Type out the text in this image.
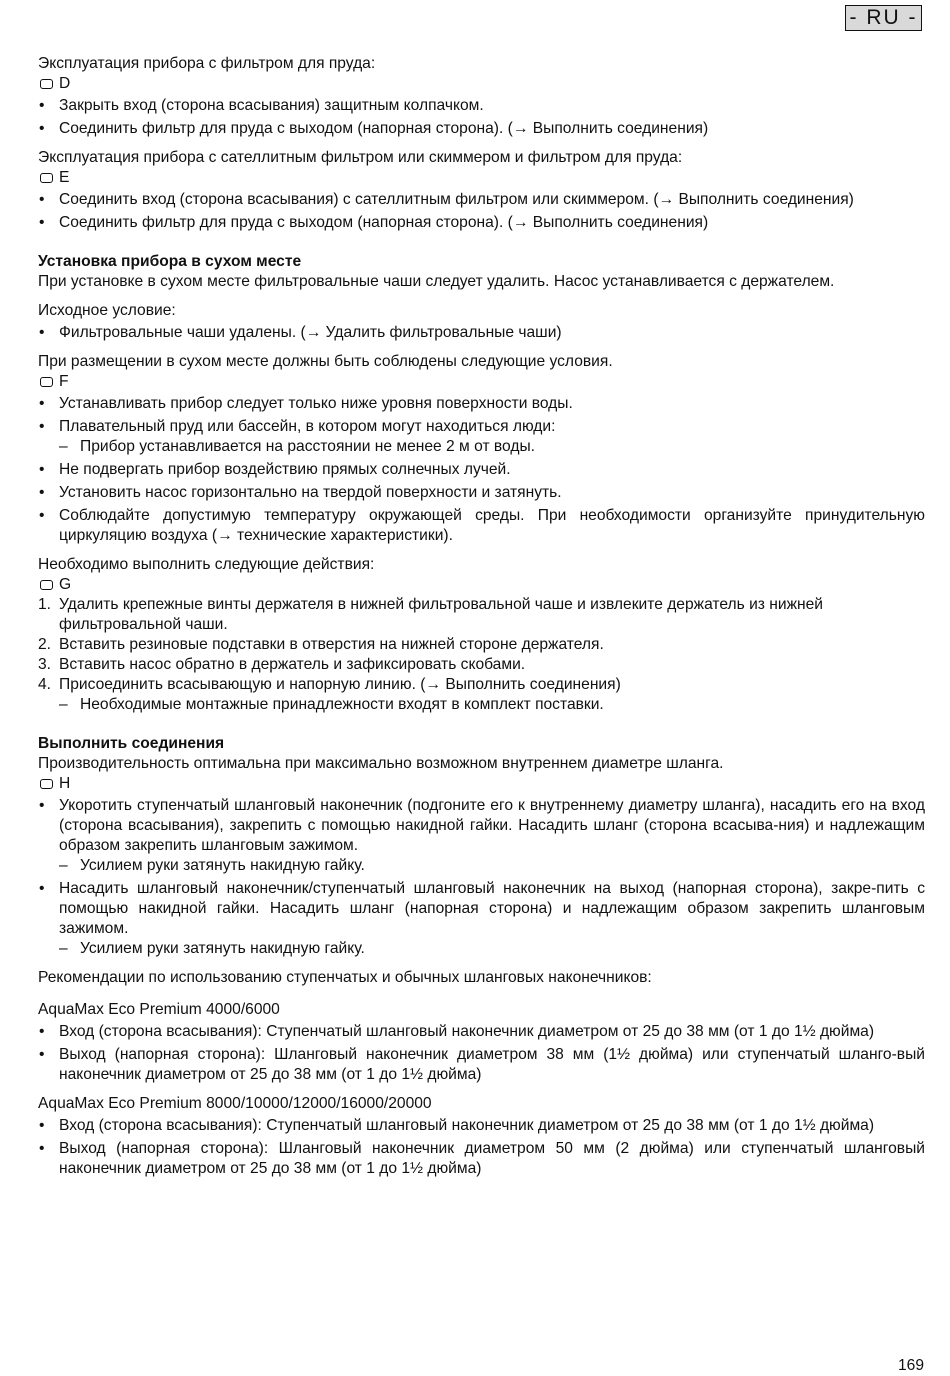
- RU -

Эксплуатация прибора с фильтром для пруда:

D
• Закрыть вход (сторона всасывания) защитным колпачком.
• Соединить фильтр для пруда с выходом (напорная сторона). (→ Выполнить соединения)

Эксплуатация прибора с сателлитным фильтром или скиммером и фильтром для пруда:

E
• Соединить вход (сторона всасывания) с сателлитным фильтром или скиммером. (→ Выполнить соединения)
• Соединить фильтр для пруда с выходом (напорная сторона). (→ Выполнить соединения)

Установка прибора в сухом месте

При установке в сухом месте фильтровальные чаши следует удалить. Насос устанавливается с держателем.

Исходное условие:

• Фильтровальные чаши удалены. (→ Удалить фильтровальные чаши)

При размещении в сухом месте должны быть соблюдены следующие условия.

F
• Устанавливать прибор следует только ниже уровня поверхности воды.
• Плавательный пруд или бассейн, в котором могут находиться люди:
– Прибор устанавливается на расстоянии не менее 2 м от воды.
• Не подвергать прибор воздействию прямых солнечных лучей.
• Установить насос горизонтально на твердой поверхности и затянуть.
• Соблюдайте допустимую температуру окружающей среды. При необходимости организуйте принудительную циркуляцию воздуха (→ технические характеристики).

Необходимо выполнить следующие действия:

G
1. Удалить крепежные винты держателя в нижней фильтровальной чаше и извлеките держатель из нижней фильтровальной чаши.
2. Вставить резиновые подставки в отверстия на нижней стороне держателя.
3. Вставить насос обратно в держатель и зафиксировать скобами.
4. Присоединить всасывающую и напорную линию. (→ Выполнить соединения)
– Необходимые монтажные принадлежности входят в комплект поставки.

Выполнить соединения

Производительность оптимальна при максимально возможном внутреннем диаметре шланга.

H
• Укоротить ступенчатый шланговый наконечник (подгоните его к внутреннему диаметру шланга), насадить его на вход (сторона всасывания), закрепить с помощью накидной гайки. Насадить шланг (сторона всасыва-ния) и надлежащим образом закрепить шланговым зажимом.
– Усилием руки затянуть накидную гайку.
• Насадить шланговый наконечник/ступенчатый шланговый наконечник на выход (напорная сторона), закре-пить с помощью накидной гайки. Насадить шланг (напорная сторона) и надлежащим образом закрепить шланговым зажимом.
– Усилием руки затянуть накидную гайку.

Рекомендации по использованию ступенчатых и обычных шланговых наконечников:

AquaMax Eco Premium 4000/6000

• Вход (сторона всасывания): Ступенчатый шланговый наконечник диаметром от 25 до 38 мм (от 1 до 1½ дюйма)
• Выход (напорная сторона): Шланговый наконечник диаметром 38 мм (1½ дюйма) или ступенчатый шланго-вый наконечник диаметром от 25 до 38 мм (от 1 до 1½ дюйма)

AquaMax Eco Premium 8000/10000/12000/16000/20000

• Вход (сторона всасывания): Ступенчатый шланговый наконечник диаметром от 25 до 38 мм (от 1 до 1½ дюйма)
• Выход (напорная сторона): Шланговый наконечник диаметром 50 мм (2 дюйма) или ступенчатый шланговый наконечник диаметром от 25 до 38 мм (от 1 до 1½ дюйма)
169
